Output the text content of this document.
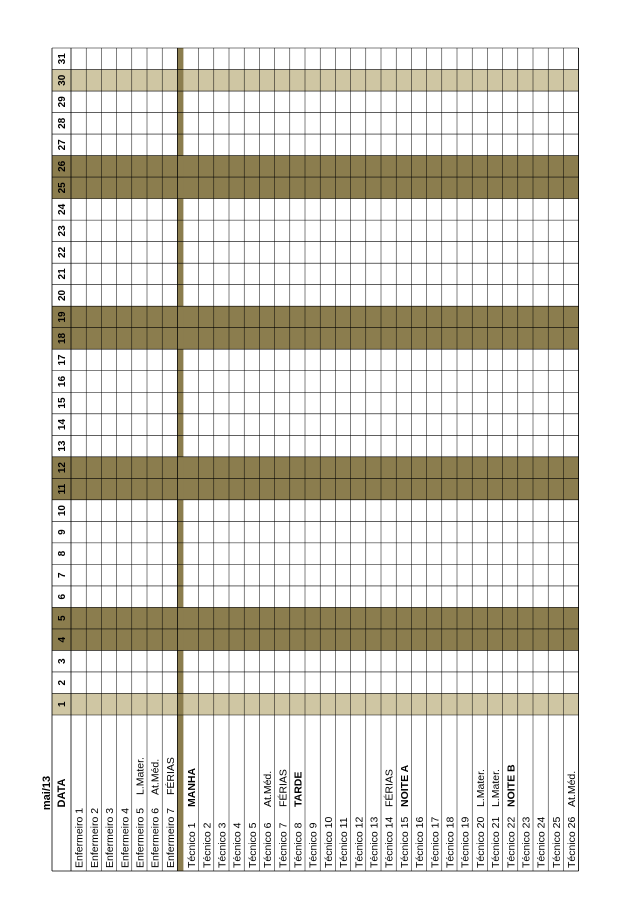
mai/13 DATA
1
2
3
4
5
6
7
8
9
10
11
12
13
14
15
16
17
18
19
20
21
22
23
24
25
26
27
28
29
30
31
Enfermeiro 1 Enfermeiro 2 Enfermeiro 3 Enfermeiro 4 Enfermeiro 5
L.Mater.
Enfermeiro 6
At.Méd.
Enfermeiro 7
FÉRIAS
Técnico 1
MANHA
Técnico 2 Técnico 3 Técnico 4 Técnico 5 Técnico 6
At.Méd.
Técnico 7
FÉRIAS
Técnico 8
TARDE
Técnico 9 Técnico 10 Técnico 11 Técnico 12 Técnico 13 Técnico 14
FÉRIAS
Técnico 15
NOITE A
Técnico 16 Técnico 17 Técnico 18 Técnico 19 Técnico 20
L.Mater.
Técnico 21
L.Mater.
Técnico 22
NOITE B
Técnico 23 Técnico 24 Técnico 25 Técnico 26
At.Méd.
